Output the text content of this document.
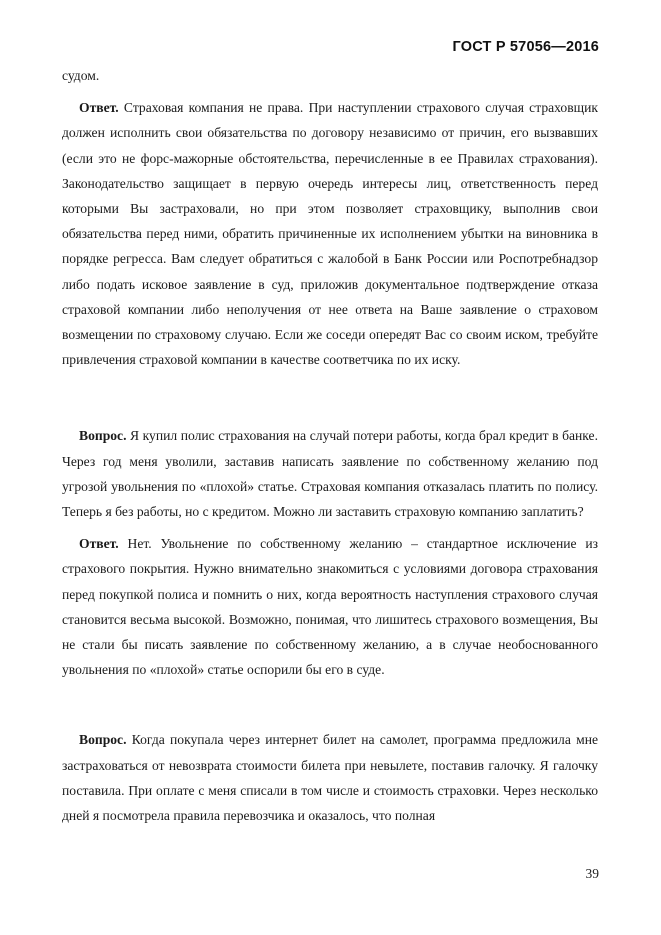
ГОСТ Р 57056—2016

судом.

Ответ. Страховая компания не права. При наступлении страхового случая страховщик должен исполнить свои обязательства по договору независимо от причин, его вызвавших (если это не форс-мажорные обстоятельства, перечисленные в ее Правилах страхования). Законодательство защищает в первую очередь интересы лиц, ответственность перед которыми Вы застраховали, но при этом позволяет страховщику, выполнив свои обязательства перед ними, обратить причиненные их исполнением убытки на виновника в порядке регресса. Вам следует обратиться с жалобой в Банк России или Роспотребнадзор либо подать исковое заявление в суд, приложив документальное подтверждение отказа страховой компании либо неполучения от нее ответа на Ваше заявление о страховом возмещении по страховому случаю. Если же соседи опередят Вас со своим иском, требуйте привлечения страховой компании в качестве соответчика по их иску.

Вопрос. Я купил полис страхования на случай потери работы, когда брал кредит в банке. Через год меня уволили, заставив написать заявление по собственному желанию под угрозой увольнения по «плохой» статье. Страховая компания отказалась платить по полису. Теперь я без работы, но с кредитом. Можно ли заставить страховую компанию заплатить?

Ответ. Нет. Увольнение по собственному желанию – стандартное исключение из страхового покрытия. Нужно внимательно знакомиться с условиями договора страхования перед покупкой полиса и помнить о них, когда вероятность наступления страхового случая становится весьма высокой. Возможно, понимая, что лишитесь страхового возмещения, Вы не стали бы писать заявление по собственному желанию, а в случае необоснованного увольнения по «плохой» статье оспорили бы его в суде.

Вопрос. Когда покупала через интернет билет на самолет, программа предложила мне застраховаться от невозврата стоимости билета при невылете, поставив галочку. Я галочку поставила. При оплате с меня списали в том числе и стоимость страховки. Через несколько дней я посмотрела правила перевозчика и оказалось, что полная

39
